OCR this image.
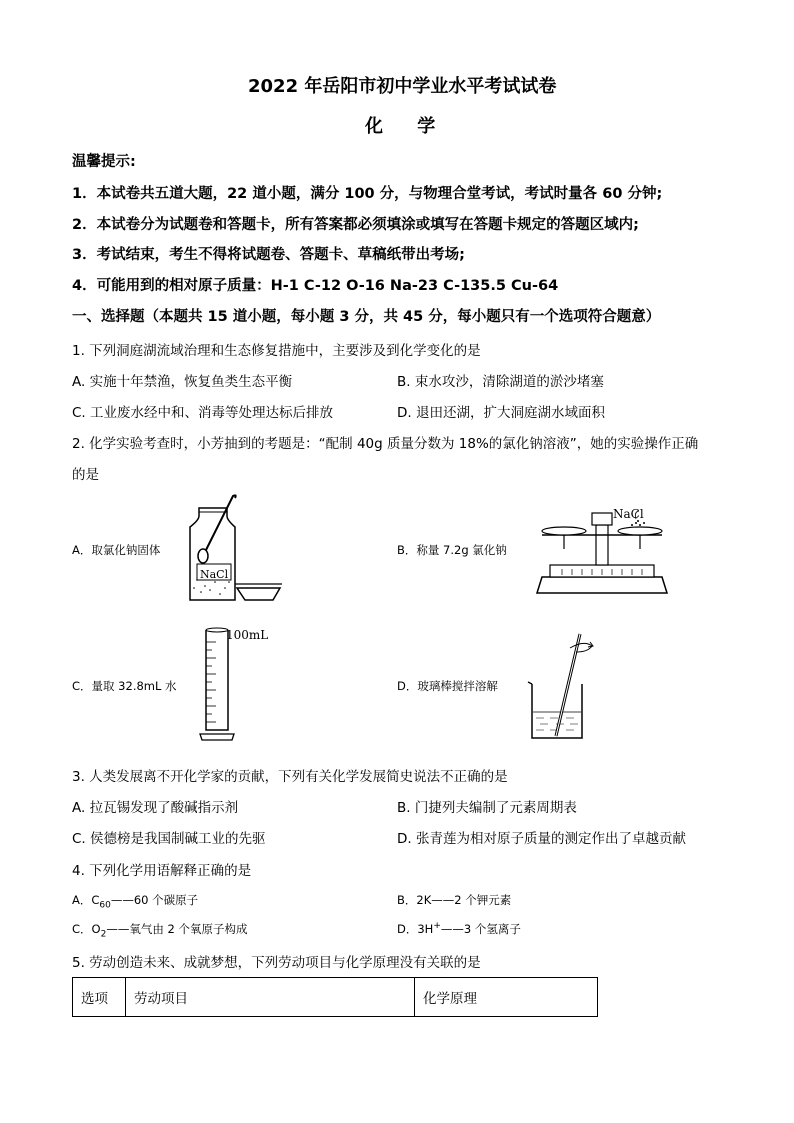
2022 年岳阳市初中学业水平考试试卷
化 学
温馨提示:
1．本试卷共五道大题，22 道小题，满分 100 分，与物理合堂考试，考试时量各 60 分钟;
2．本试卷分为试题卷和答题卡，所有答案都必须填涂或填写在答题卡规定的答题区域内;
3．考试结束，考生不得将试题卷、答题卡、草稿纸带出考场;
4．可能用到的相对原子质量：H-1 C-12 O-16 Na-23 C-135.5 Cu-64
一、选择题（本题共 15 道小题，每小题 3 分，共 45 分，每小题只有一个选项符合题意）
1. 下列洞庭湖流域治理和生态修复措施中，主要涉及到化学变化的是
A. 实施十年禁渔，恢复鱼类生态平衡	B. 束水攻沙，清除湖道的淤沙堵塞
C. 工业废水经中和、消毒等处理达标后排放	D. 退田还湖，扩大洞庭湖水域面积
2. 化学实验考查时，小芳抽到的考题是：“配制 40g 质量分数为 18%的氯化钠溶液”，她的实验操作正确
的是
A．取氯化钠固体
NaCl
B．称量 7.2g 氯化钠
NaCl
C．量取 32.8mL 水
100mL
D．玻璃棒搅拌溶解
3. 人类发展离不开化学家的贡献，下列有关化学发展简史说法不正确的是
A. 拉瓦锡发现了酸碱指示剂	B. 门捷列夫编制了元素周期表
C. 侯德榜是我国制碱工业的先驱	D. 张青莲为相对原子质量的测定作出了卓越贡献
4. 下列化学用语解释正确的是
A．$C_{60}——60$ 个碳原子	B．2K——2 个钾元素
C．$O_2——$氧气由 2 个氧原子构成	D．3H+——3 个氢离子
5. 劳动创造未来、成就梦想，下列劳动项目与化学原理没有关联的是
选项	劳动项目	化学原理
